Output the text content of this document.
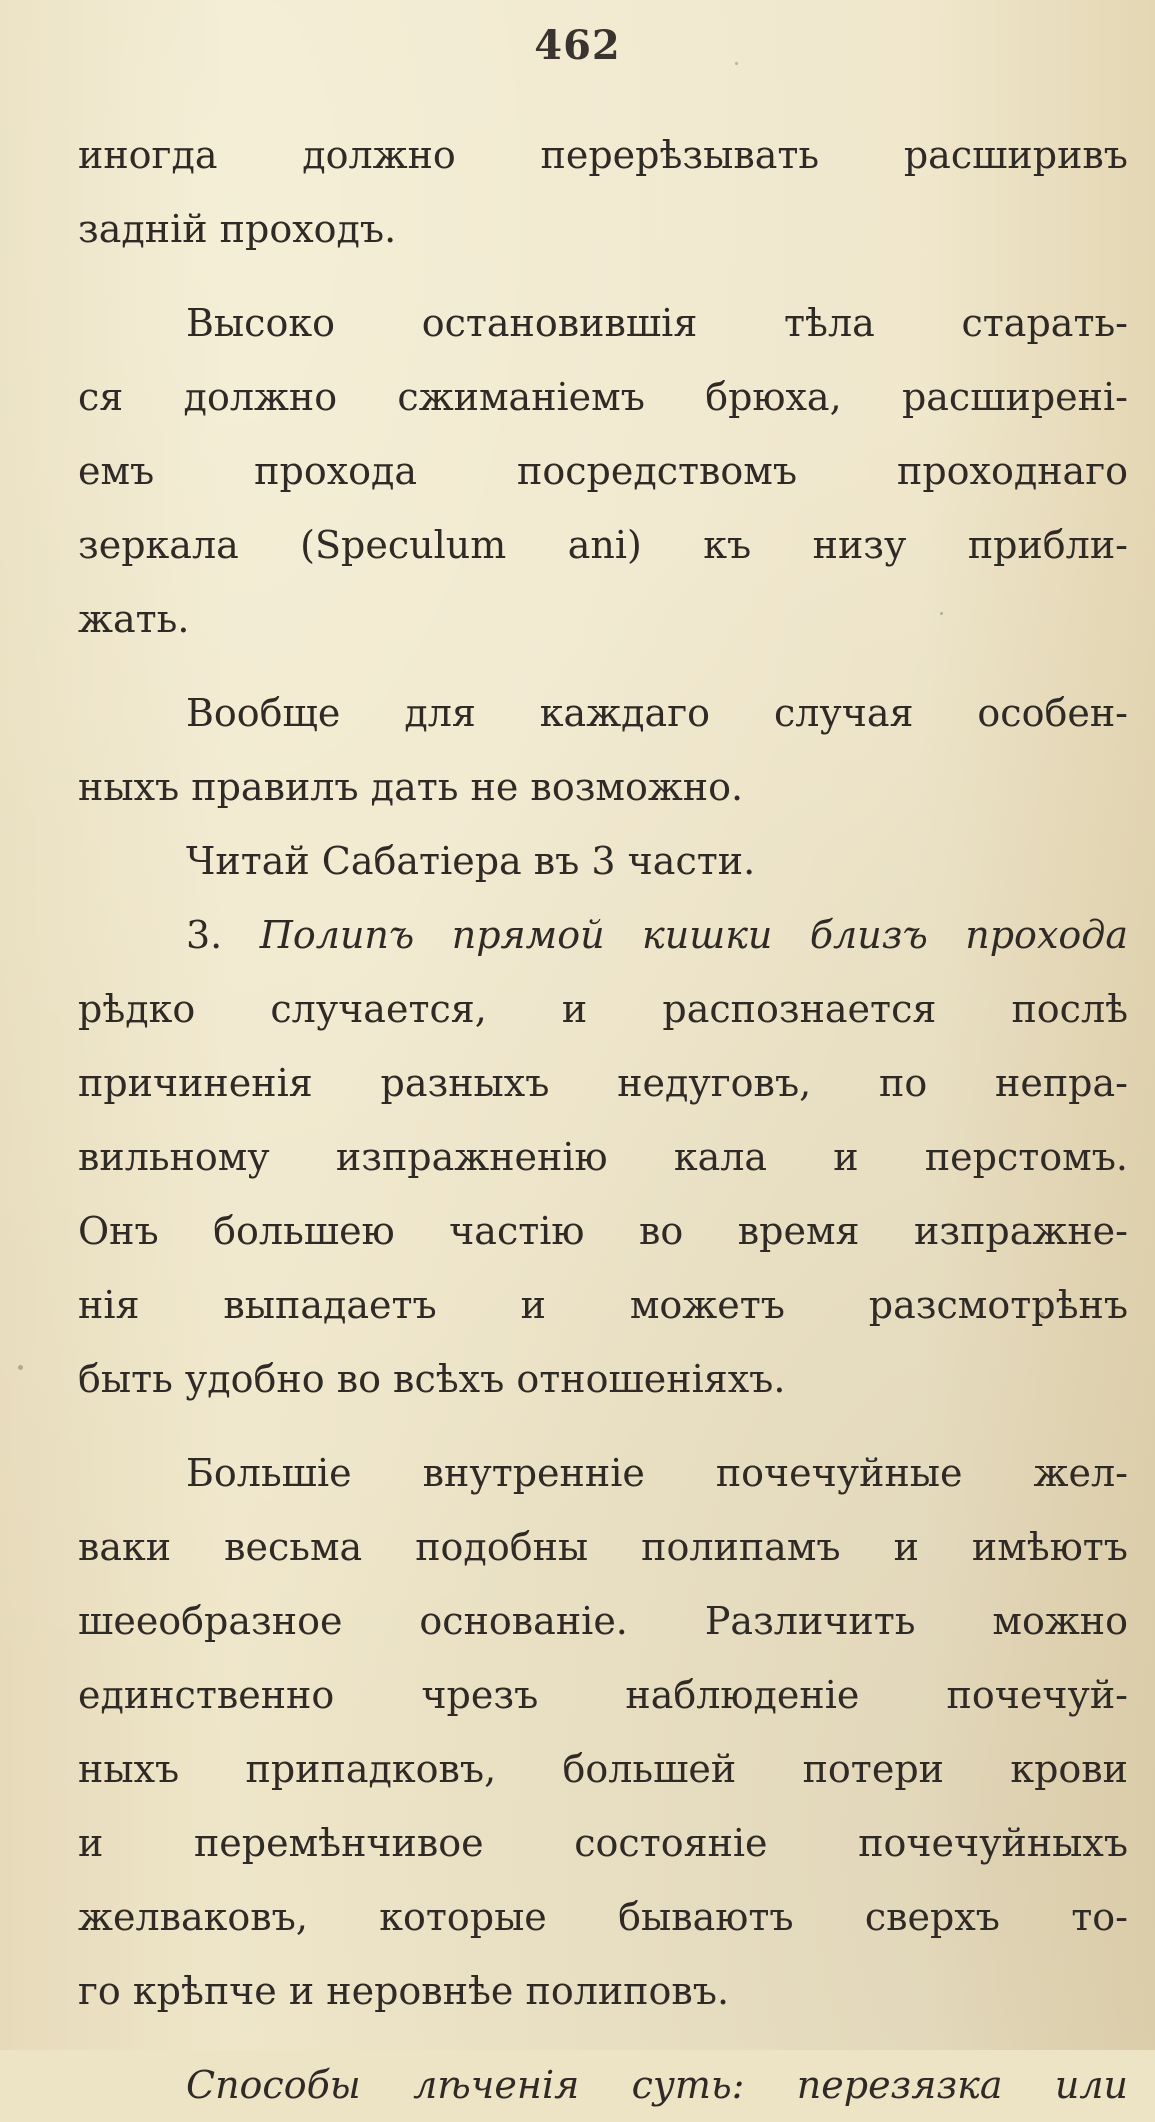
462
иногда должно перерѣзывать расширивъ
задній проходъ.
Высоко остановившія тѣла старать-
ся должно сжиманіемъ брюха, расширені-
емъ прохода посредствомъ проходнаго
зеркала (Speculum ani) къ низу прибли-
жать.
Вообще для каждаго случая особен-
ныхъ правилъ дать не возможно.
Читай Сабатіера въ 3 части.
3. Полипъ прямой кишки близъ прохода
рѣдко случается, и распознается послѣ
причиненія разныхъ недуговъ, по непра-
вильному изпражненію кала и перстомъ.
Онъ большею частію во время изпражне-
нія выпадаетъ и можетъ разсмотрѣнъ
быть удобно во всѣхъ отношеніяхъ.
Большіе внутренніе почечуйные жел-
ваки весьма подобны полипамъ и имѣютъ
шееобразное основаніе. Различить можно
единственно чрезъ наблюденіе почечуй-
ныхъ припадковъ, большей потери крови
и перемѣнчивое состояніе почечуйныхъ
желваковъ, которые бываютъ сверхъ то-
го крѣпче и неровнѣе полиповъ.
Способы лѣченія суть: перезязка или
